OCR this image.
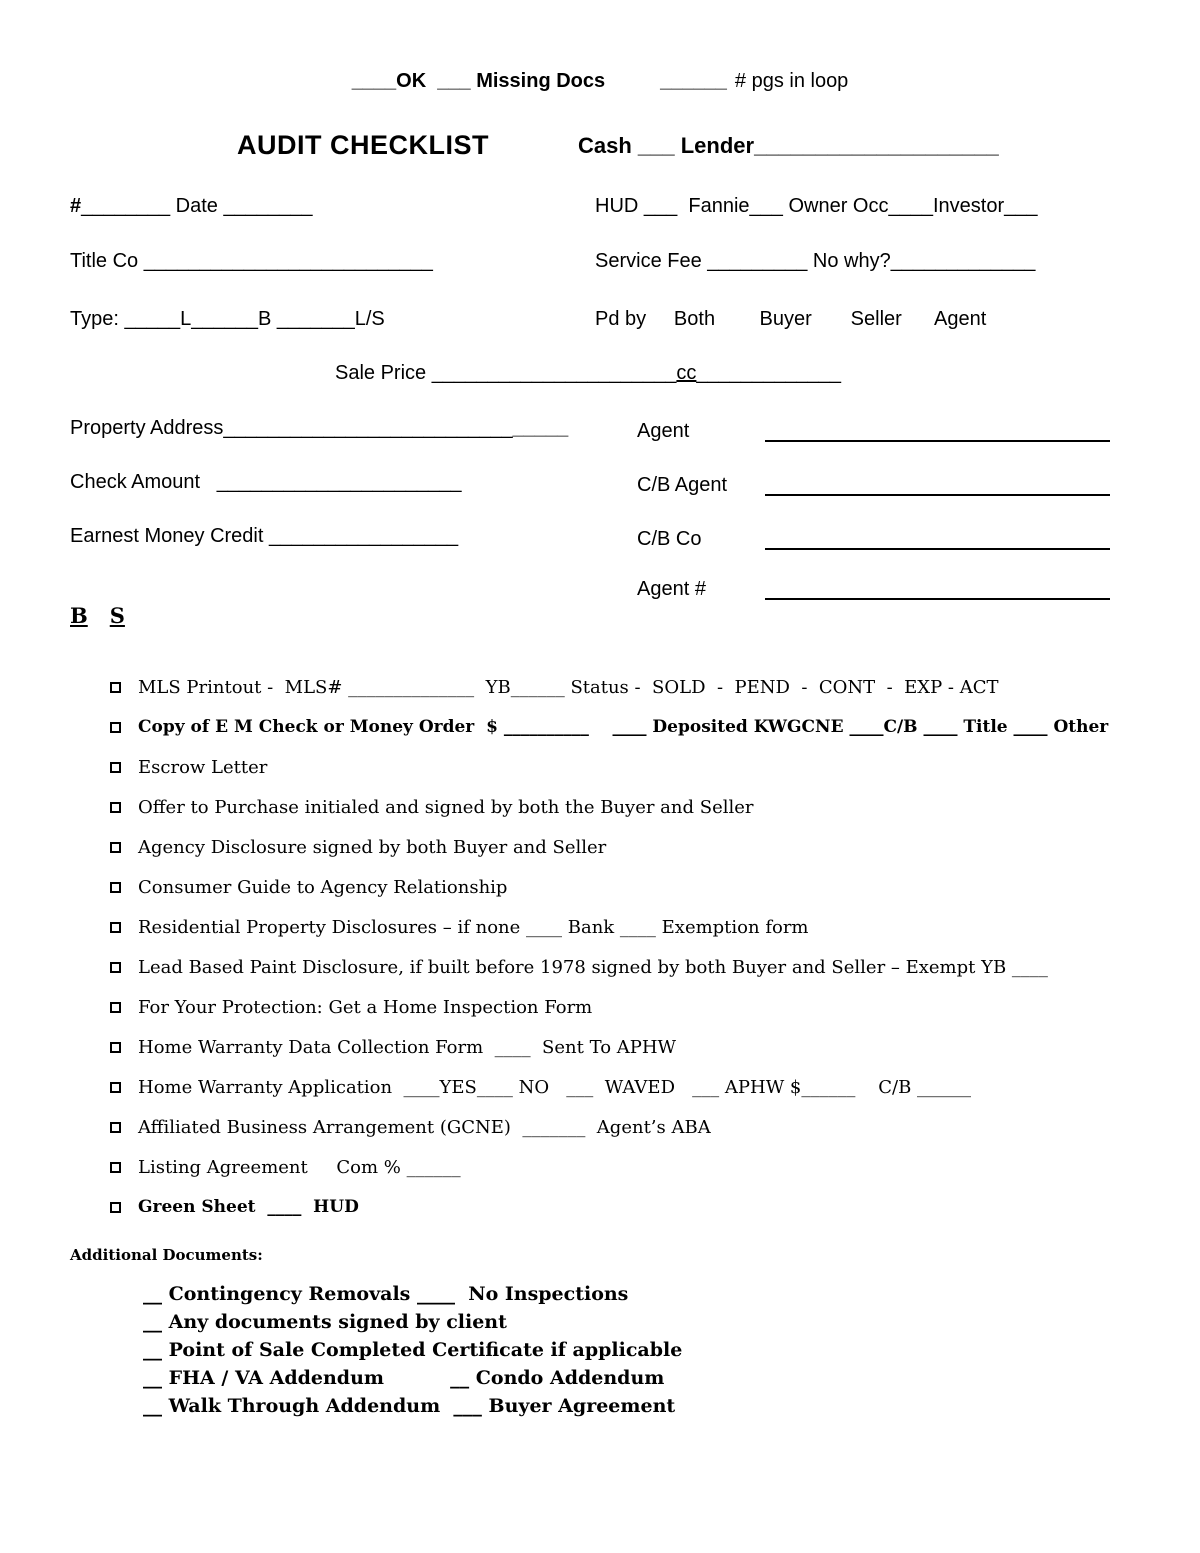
____OK  ___ Missing Docs	______ # pgs in loop
AUDIT CHECKLIST	Cash ___ Lender____________________
#________ Date ________	HUD ___  Fannie___ Owner Occ____Investor___
Title Co __________________________	Service Fee _________ No why?_____________
Type: _____L______B _______L/S	Pd by     Both        Buyer       Seller      Agent
Sale Price ______________________cc_____________
Property Address_______________________________	Agent
Check Amount   ______________________	C/B Agent
Earnest Money Credit _________________	C/B Co
Agent #
B S
MLS Printout -  MLS# ______________  YB______ Status -  SOLD  -  PEND  -  CONT  -  EXP - ACT
Copy of E M Check or Money Order  $ __________    ____ Deposited KWGCNE ____C/B ____ Title ____ Other
Escrow Letter
Offer to Purchase initialed and signed by both the Buyer and Seller
Agency Disclosure signed by both Buyer and Seller
Consumer Guide to Agency Relationship
Residential Property Disclosures – if none ____ Bank ____ Exemption form
Lead Based Paint Disclosure, if built before 1978 signed by both Buyer and Seller – Exempt YB ____
For Your Protection: Get a Home Inspection Form
Home Warranty Data Collection Form  ____  Sent To APHW
Home Warranty Application  ____YES____ NO   ___  WAVED   ___ APHW $______    C/B ______
Affiliated Business Arrangement (GCNE)  _______  Agent’s ABA
Listing Agreement     Com % ______
Green Sheet  ____  HUD
Additional Documents:
__ Contingency Removals ____  No Inspections
__ Any documents signed by client
__ Point of Sale Completed Certificate if applicable
__ FHA / VA Addendum          __ Condo Addendum
__ Walk Through Addendum  ___ Buyer Agreement
